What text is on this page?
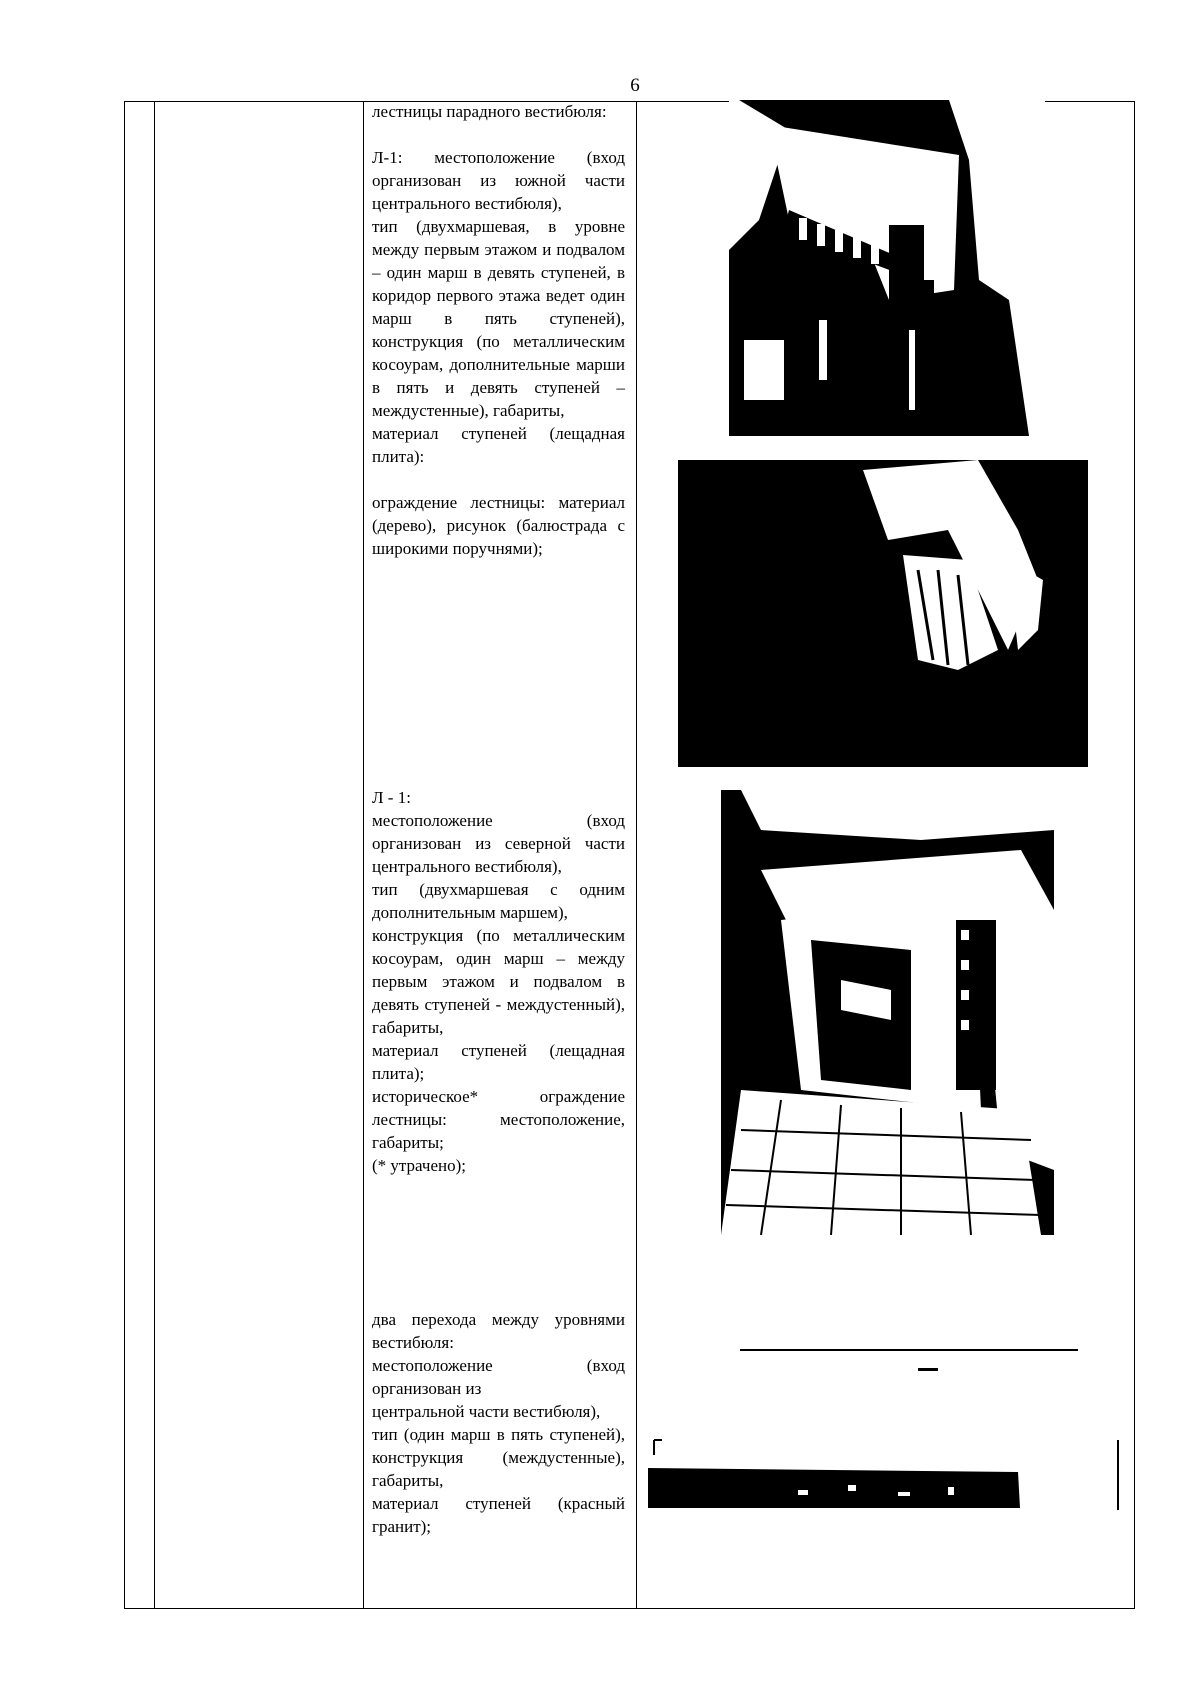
6

лестницы парадного вестибюля:

Л-1: местоположение (вход организован из южной части центрального вестибюля),

тип (двухмаршевая, в уровне между первым этажом и подвалом – один марш в девять ступеней, в коридор первого этажа ведет один марш в пять ступеней), конструкция (по металлическим косоурам, дополнительные марши в пять и девять ступеней – междустенные), габариты,

материал ступеней (лещадная плита):

ограждение лестницы: материал (дерево), рисунок (балюстрада с широкими поручнями);

Л - 1:

местоположение (вход организован из северной части центрального вестибюля),

тип (двухмаршевая с одним дополнительным маршем),

конструкция (по металлическим косоурам, один марш – между первым этажом и подвалом в девять ступеней - междустенный), габариты,

материал ступеней (лещадная плита);

историческое* ограждение лестницы: местоположение, габариты;

(* утрачено);

два перехода между уровнями вестибюля:

местоположение (вход организован из

центральной части вестибюля),

тип (один марш в пять ступеней), конструкция (междустенные), габариты,

материал ступеней (красный гранит);
